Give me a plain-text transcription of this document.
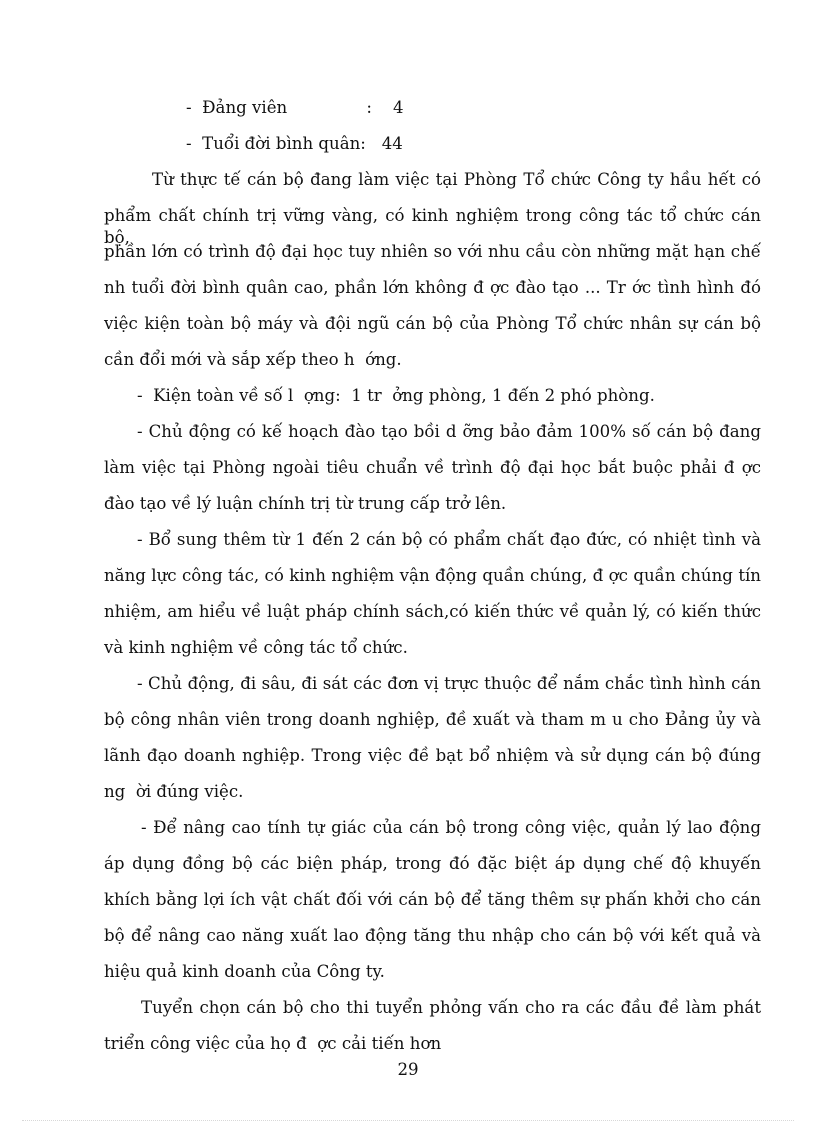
-  Đảng viên               :    4
-  Tuổi đời bình quân:   44
Từ thực tế cán bộ đang làm việc tại Phòng Tổ chức Công ty hầu hết có
phẩm chất chính trị vững vàng, có kinh nghiệm trong công tác tổ chức cán bộ,
phần lớn có trình độ đại học tuy nhiên so với nhu cầu còn những mặt hạn chế
nh tuổi đời bình quân cao, phần lớn không đ ợc đào tạo ... Tr ớc tình hình đó
việc kiện toàn bộ máy và đội ngũ cán bộ của Phòng Tổ chức nhân sự cán bộ
cần đổi mới và sắp xếp theo h  ớng.
-  Kiện toàn về số l  ợng:  1 tr  ởng phòng, 1 đến 2 phó phòng.
- Chủ động có kế hoạch đào tạo bồi d ỡng bảo đảm 100% số cán bộ đang
làm việc tại Phòng ngoài tiêu chuẩn về trình độ đại học bắt buộc phải đ ợc
đào tạo về lý luận chính trị từ trung cấp trở lên.
- Bổ sung thêm từ 1 đến 2 cán bộ có phẩm chất đạo đức, có nhiệt tình và
năng lực công tác, có kinh nghiệm vận động quần chúng, đ ợc quần chúng tín
nhiệm, am hiểu về luật pháp chính sách,có kiến thức về quản lý, có kiến thức
và kinh nghiệm về công tác tổ chức.
- Chủ động, đi sâu, đi sát các đơn vị trực thuộc để nắm chắc tình hình cán
bộ công nhân viên trong doanh nghiệp, đề xuất và tham m u cho Đảng ủy và
lãnh đạo doanh nghiệp. Trong việc đề bạt bổ nhiệm và sử dụng cán bộ đúng
ng  ời đúng việc.
- Để nâng cao tính tự giác của cán bộ trong công việc, quản lý lao động
áp dụng đồng bộ các biện pháp, trong đó đặc biệt áp dụng chế độ khuyến
khích bằng lợi ích vật chất đối với cán bộ để tăng thêm sự phấn khởi cho cán
bộ để nâng cao năng xuất lao động tăng thu nhập cho cán bộ với kết quả và
hiệu quả kinh doanh của Công ty.
Tuyển chọn cán bộ cho thi tuyển phỏng vấn cho ra các đầu đề làm phát
triển công việc của họ đ  ợc cải tiến hơn
29
